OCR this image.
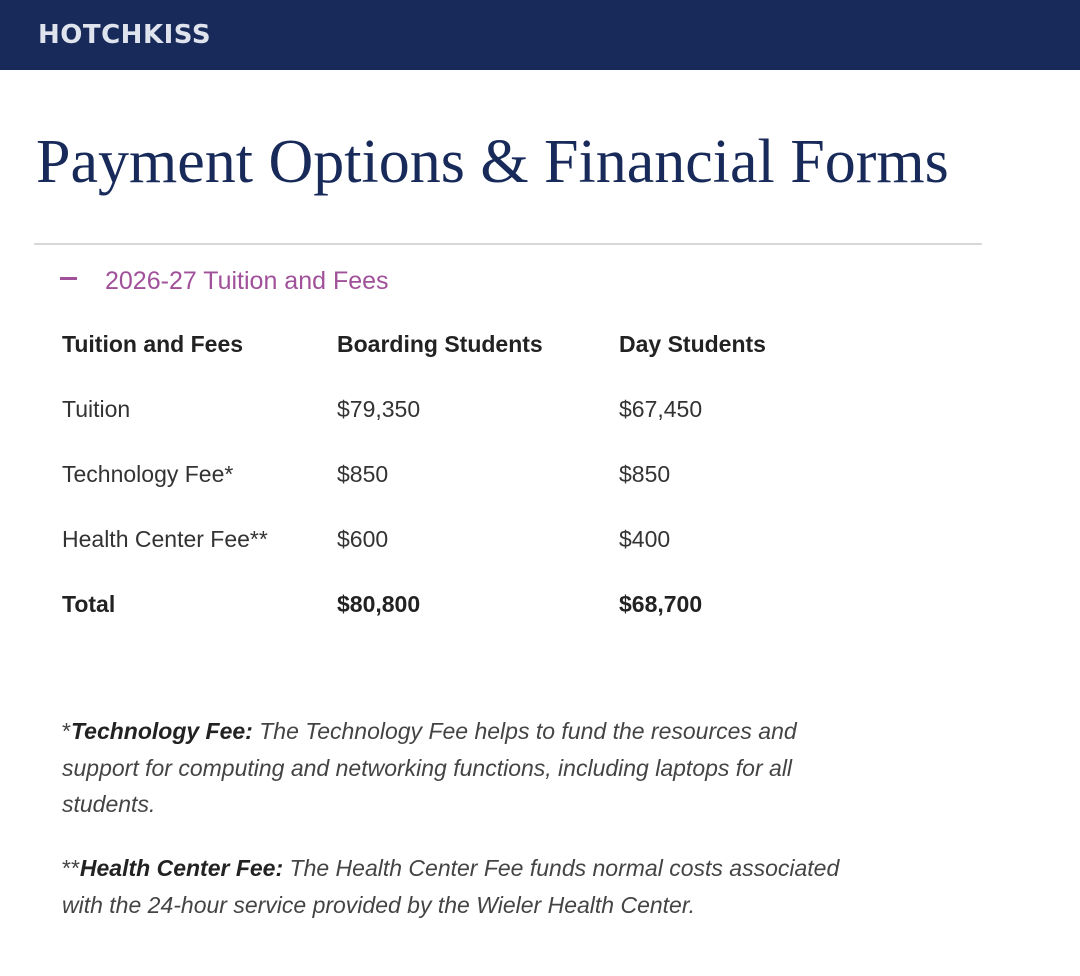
HOTCHKISS
Payment Options & Financial Forms
2026-27 Tuition and Fees
Tuition and Fees	Boarding Students	Day Students
Tuition	$79,350	$67,450
Technology Fee*	$850	$850
Health Center Fee**	$600	$400
Total	$80,800	$68,700

*Technology Fee: The Technology Fee helps to fund the resources and support for computing and networking functions, including laptops for all students.

**Health Center Fee: The Health Center Fee funds normal costs associated with the 24-hour service provided by the Wieler Health Center.
